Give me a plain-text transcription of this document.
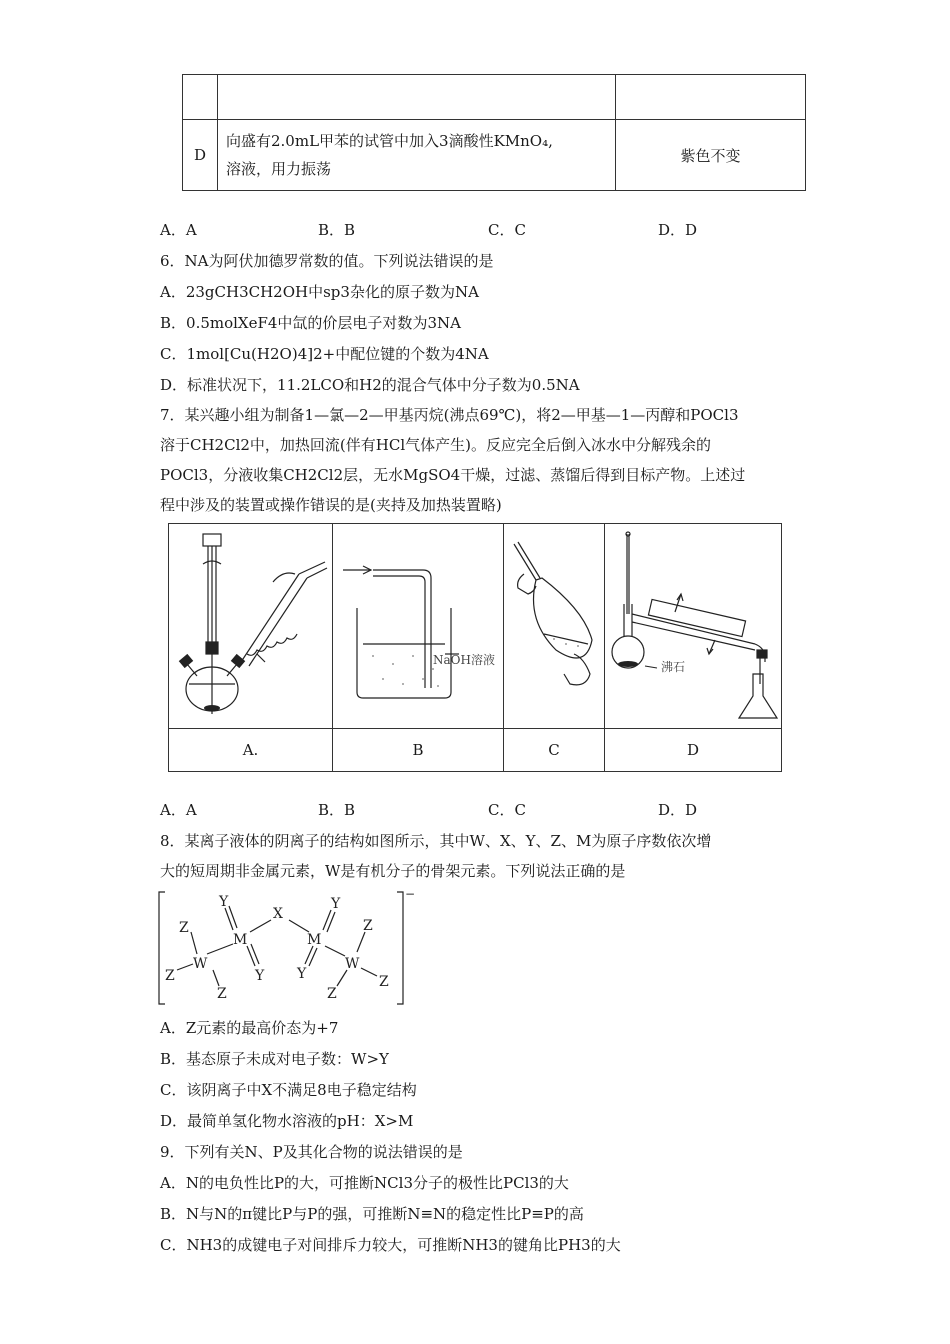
D	向盛有2.0mL甲苯的试管中加入3滴酸性KMnO₄,
溶液，用力振荡	紫色不变
A．A	B．B	C．C	D．D
6．NA为阿伏加德罗常数的值。下列说法错误的是
A．23gCH3CH2OH中sp3杂化的原子数为NA
B．0.5molXeF4中氙的价层电子对数为3NA
C．1mol[Cu(H2O)4]2+中配位键的个数为4NA
D．标准状况下，11.2LCO和H2的混合气体中分子数为0.5NA
7．某兴趣小组为制备1—氯—2—甲基丙烷(沸点69℃)，将2—甲基—1—丙醇和POCl3
溶于CH2Cl2中，加热回流(伴有HCl气体产生)。反应完全后倒入冰水中分解残余的
POCl3，分液收集CH2Cl2层，无水MgSO4干燥，过滤、蒸馏后得到目标产物。上述过
程中涉及的装置或操作错误的是(夹持及加热装置略)

NaOH溶液		沸石

A.	B	C	D
A．A	B．B	C．C	D．D
8．某离子液体的阴离子的结构如图所示，其中W、X、Y、Z、M为原子序数依次增
大的短周期非金属元素，W是有机分子的骨架元素。下列说法正确的是
Y
X
Y
Z
M	M
Z
W	W
Z	Y Y	Z
Z	Z
−
A．Z元素的最高价态为+7
B．基态原子未成对电子数：W>Y
C．该阴离子中X不满足8电子稳定结构
D．最简单氢化物水溶液的pH：X>M
9．下列有关N、P及其化合物的说法错误的是
A．N的电负性比P的大，可推断NCl3分子的极性比PCl3的大
B．N与N的π键比P与P的强，可推断N≡N的稳定性比P≡P的高
C．NH3的成键电子对间排斥力较大，可推断NH3的键角比PH3的大
